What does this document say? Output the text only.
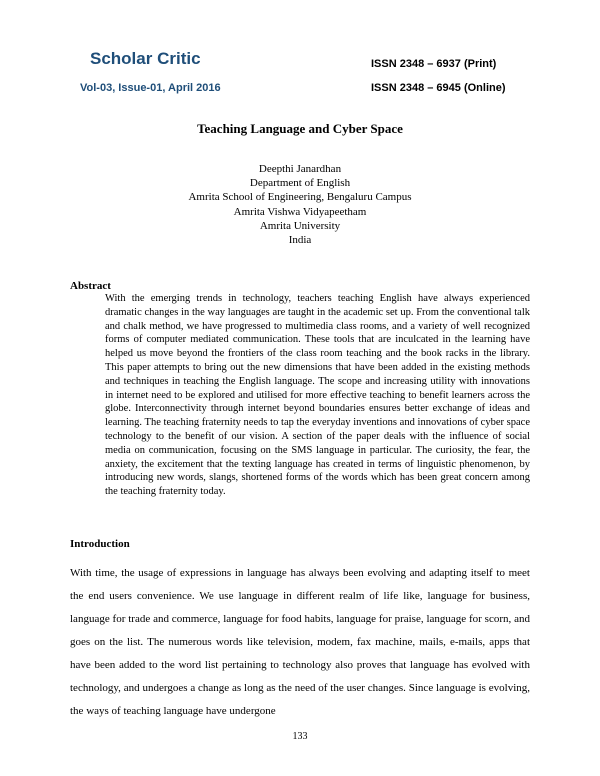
Scholar Critic
Vol-03, Issue-01, April 2016
ISSN 2348 – 6937 (Print)
ISSN 2348 – 6945 (Online)
Teaching Language and Cyber Space
Deepthi Janardhan
Department of English
Amrita School of Engineering, Bengaluru Campus
Amrita Vishwa Vidyapeetham
Amrita University
India
Abstract
With the emerging trends in technology, teachers teaching English have always experienced dramatic changes in the way languages are taught in the academic set up. From the conventional talk and chalk method, we have progressed to multimedia class rooms, and a variety of well recognized forms of computer mediated communication. These tools that are inculcated in the learning have helped us move beyond the frontiers of the class room teaching and the book racks in the library. This paper attempts to bring out the new dimensions that have been added in the existing methods and techniques in teaching the English language. The scope and increasing utility with innovations in internet need to be explored and utilised for more effective teaching to benefit learners across the globe. Interconnectivity through internet beyond boundaries ensures better exchange of ideas and learning. The teaching fraternity needs to tap the everyday inventions and innovations of cyber space technology to the benefit of our vision. A section of the paper deals with the influence of social media on communication, focusing on the SMS language in particular. The curiosity, the fear, the anxiety, the excitement that the texting language has created in terms of linguistic phenomenon, by introducing new words, slangs, shortened forms of the words which has been great concern among the teaching fraternity today.
Introduction
With time, the usage of expressions in language has always been evolving and adapting itself to meet the end users convenience. We use language in different realm of life like, language for business, language for trade and commerce, language for food habits, language for praise, language for scorn, and goes on the list. The numerous words like television, modem, fax machine, mails, e-mails, apps that have been added to the word list pertaining to technology also proves that language has evolved with technology, and undergoes a change as long as the need of the user changes. Since language is evolving, the ways of teaching language have undergone
133
